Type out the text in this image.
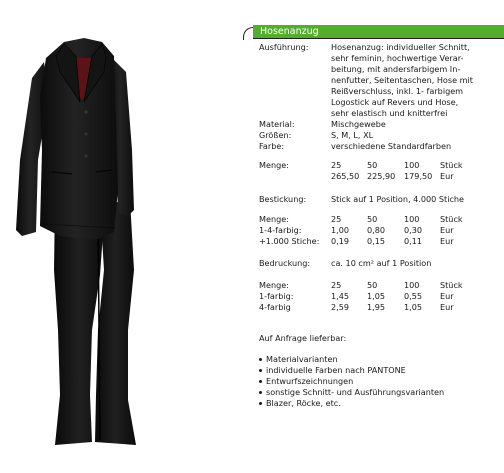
Hosenanzug
Ausführung:	Hosenanzug: individueller Schnitt,
sehr feminin, hochwertige Verar-
beitung, mit andersfarbigem In-
nenfutter, Seitentaschen, Hose mit
Reißverschluss, inkl. 1- farbigem
Logostick auf Revers und Hose,
sehr elastisch und knitterfrei
Material:	Mischgewebe
Größen:	S, M, L, XL
Farbe:	verschiedene Standardfarben
Menge:	25	50	100	Stück
265,50 225,90 179,50 Eur
Bestickung:	Stick auf 1 Position, 4.000 Stiche
Menge:	25	50	100	Stück
1-4-farbig:	1,00 0,80 0,30 Eur
+1.000 Stiche: 0,19 0,15 0,11 Eur
Bedruckung:	ca. 10 cm² auf 1 Position
Menge:	25	50	100	Stück
1-farbig:	1,45 1,05 0,55 Eur
4-farbig	2,59 1,95 1,05 Eur
Auf Anfrage lieferbar:
Materialvarianten
individuelle Farben nach PANTONE
Entwurfszeichnungen
sonstige Schnitt- und Ausführungsvarianten
Blazer, Röcke, etc.
